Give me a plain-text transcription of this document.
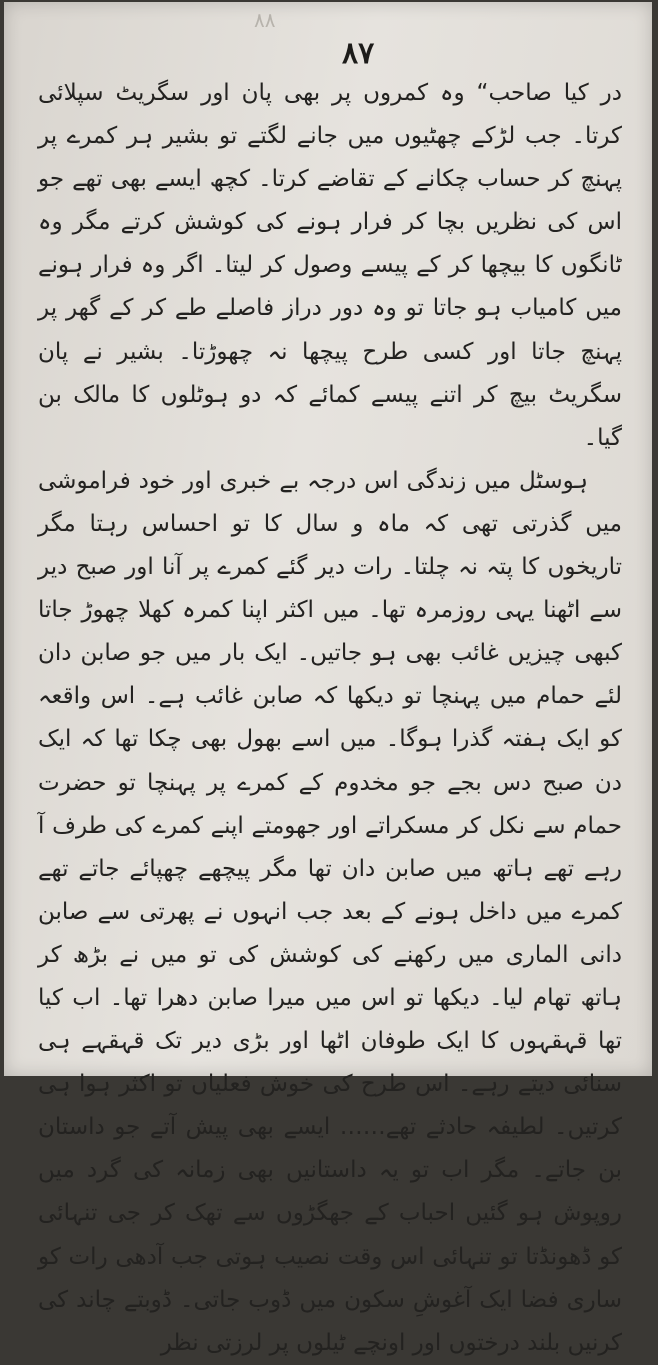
۸۸
۸۷

در کیا صاحب“ وہ کمروں پر بھی پان اور سگریٹ سپلائی کرتا۔ جب لڑکے چھٹیوں میں جانے لگتے تو بشیر ہر کمرے پر پہنچ کر حساب چکانے کے تقاضے کرتا۔ کچھ ایسے بھی تھے جو اس کی نظریں بچا کر فرار ہونے کی کوشش کرتے مگر وہ ٹانگوں کا بیچھا کر کے پیسے وصول کر لیتا۔ اگر وہ فرار ہونے میں کامیاب ہو جاتا تو وہ دور دراز فاصلے طے کر کے گھر پر پہنچ جاتا اور کسی طرح پیچھا نہ چھوڑتا۔ بشیر نے پان سگریٹ بیچ کر اتنے پیسے کمائے کہ دو ہوٹلوں کا مالک بن گیا۔

ہوسٹل میں زندگی اس درجہ بے خبری اور خود فراموشی میں گذرتی تھی کہ ماہ و سال کا تو احساس رہتا مگر تاریخوں کا پتہ نہ چلتا۔ رات دیر گئے کمرے پر آنا اور صبح دیر سے اٹھنا یہی روزمرہ تھا۔ میں اکثر اپنا کمرہ کھلا چھوڑ جاتا کبھی چیزیں غائب بھی ہو جاتیں۔ ایک بار میں جو صابن دان لئے حمام میں پہنچا تو دیکھا کہ صابن غائب ہے۔ اس واقعہ کو ایک ہفتہ گذرا ہوگا۔ میں اسے بھول بھی چکا تھا کہ ایک دن صبح دس بجے جو مخدوم کے کمرے پر پہنچا تو حضرت حمام سے نکل کر مسکراتے اور جھومتے اپنے کمرے کی طرف آ رہے تھے ہاتھ میں صابن دان تھا مگر پیچھے چھپائے جاتے تھے کمرے میں داخل ہونے کے بعد جب انہوں نے پھرتی سے صابن دانی الماری میں رکھنے کی کوشش کی تو میں نے بڑھ کر ہاتھ تھام لیا۔ دیکھا تو اس میں میرا صابن دھرا تھا۔ اب کیا تھا قہقہوں کا ایک طوفان اٹھا اور بڑی دیر تک قہقہے ہی سنائی دیتے رہے۔ اس طرح کی خوش فعلیاں تو اکثر ہوا ہی کرتیں۔ لطیفہ حادثے تھے…… ایسے بھی پیش آتے جو داستان بن جاتے۔ مگر اب تو یہ داستانیں بھی زمانہ کی گرد میں روپوش ہو گئیں احباب کے جھگڑوں سے تھک کر جی تنہائی کو ڈھونڈتا تو تنہائی اس وقت نصیب ہوتی جب آدھی رات کو ساری فضا ایک آغوشِ سکون میں ڈوب جاتی۔ ڈوبتے چاند کی کرنیں بلند درختوں اور اونچے ٹیلوں پر لرزتی نظر
